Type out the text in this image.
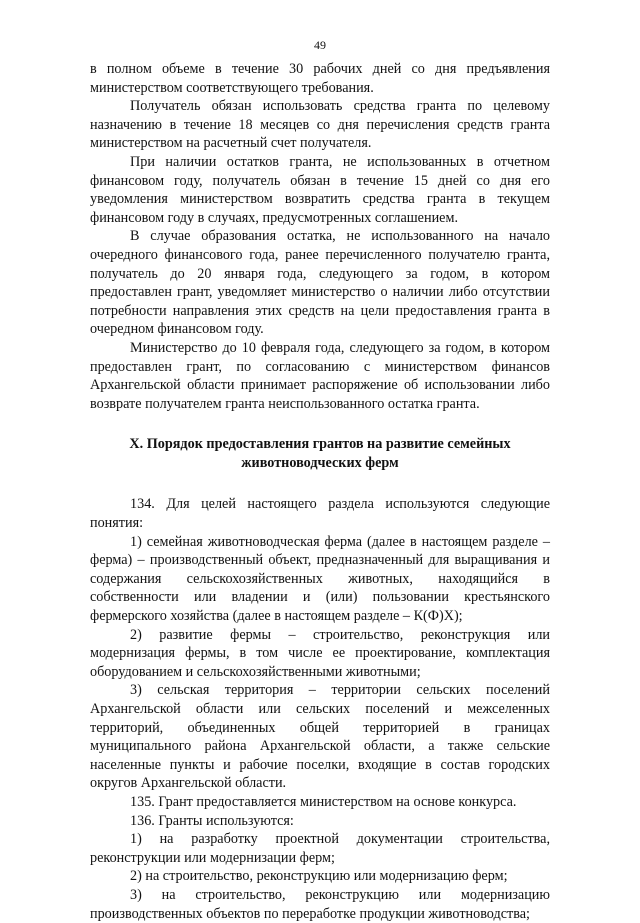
49

в полном объеме в течение 30 рабочих дней со дня предъявления министерством соответствующего требования.

Получатель обязан использовать средства гранта по целевому назначению в течение 18 месяцев со дня перечисления средств гранта министерством на расчетный счет получателя.

При наличии остатков гранта, не использованных в отчетном финансовом году, получатель обязан в течение 15 дней со дня его уведомления министерством возвратить средства гранта в текущем финансовом году в случаях, предусмотренных соглашением.

В случае образования остатка, не использованного на начало очередного финансового года, ранее перечисленного получателю гранта, получатель до 20 января года, следующего за годом, в котором предоставлен грант, уведомляет министерство о наличии либо отсутствии потребности направления этих средств на цели предоставления гранта в очередном финансовом году.

Министерство до 10 февраля года, следующего за годом, в котором предоставлен грант, по согласованию с министерством финансов Архангельской области принимает распоряжение об использовании либо возврате получателем гранта неиспользованного остатка гранта.

X. Порядок предоставления грантов на развитие семейных животноводческих ферм

134. Для целей настоящего раздела используются следующие понятия:

1) семейная животноводческая ферма (далее в настоящем разделе – ферма) – производственный объект, предназначенный для выращивания и содержания сельскохозяйственных животных, находящийся в собственности или владении и (или) пользовании крестьянского фермерского хозяйства (далее в настоящем разделе – К(Ф)Х);

2) развитие фермы – строительство, реконструкция или модернизация фермы, в том числе ее проектирование, комплектация оборудованием и сельскохозяйственными животными;

3) сельская территория – территории сельских поселений Архангельской области или сельских поселений и межселенных территорий, объединенных общей территорией в границах муниципального района Архангельской области, а также сельские населенные пункты и рабочие поселки, входящие в состав городских округов Архангельской области.

135. Грант предоставляется министерством на основе конкурса.

136. Гранты используются:

1) на разработку проектной документации строительства, реконструкции или модернизации ферм;

2) на строительство, реконструкцию или модернизацию ферм;

3) на строительство, реконструкцию или модернизацию производственных объектов по переработке продукции животноводства;
